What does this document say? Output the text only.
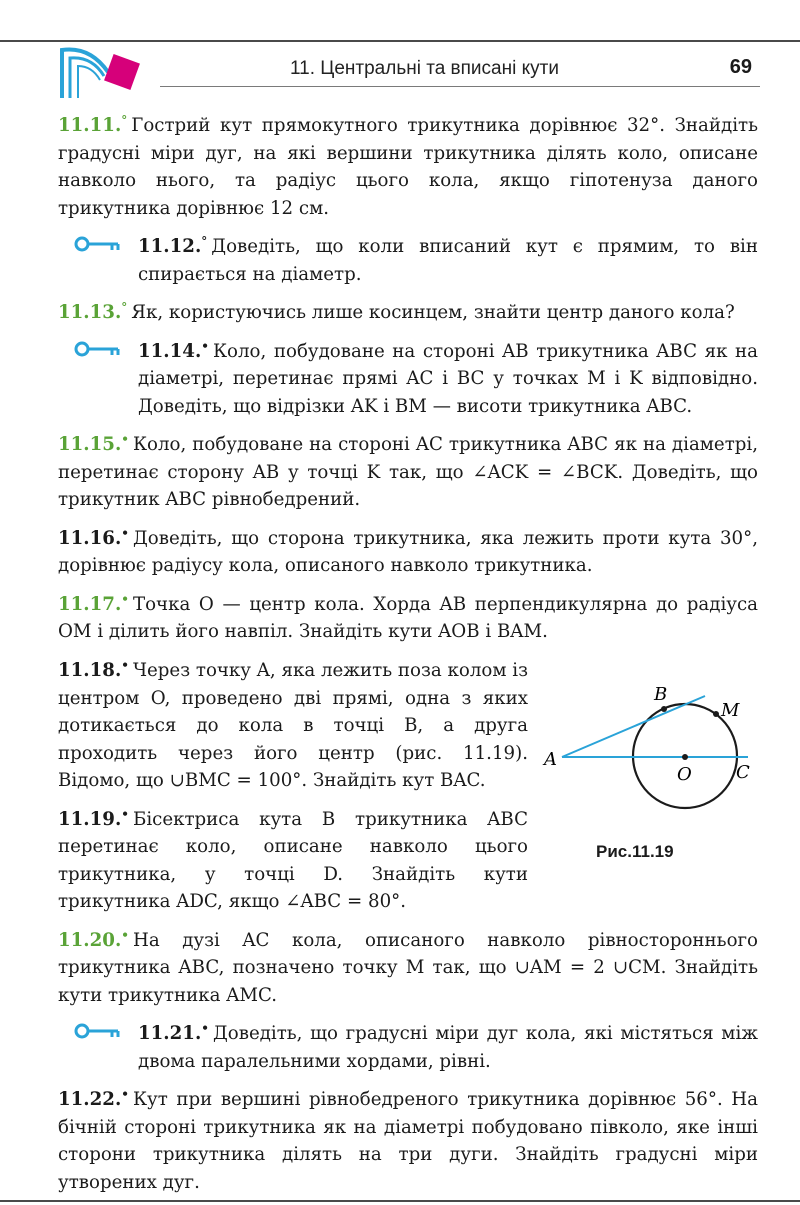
11. Центральні та вписані кути	69

11.11.° Гострий кут прямокутного трикутника дорівнює 32°. Знайдіть градусні міри дуг, на які вершини трикутника ділять коло, описане навколо нього, та радіус цього кола, якщо гіпотенуза даного трикутника дорівнює 12 см.

11.12.° Доведіть, що коли вписаний кут є прямим, то він спирається на діаметр.

11.13.° Як, користуючись лише косинцем, знайти центр даного кола?

11.14.• Коло, побудоване на стороні AB трикутника ABC як на діаметрі, перетинає прямі AC і BC у точках M і K відповідно. Доведіть, що відрізки AK і BM — висоти трикутника ABC.

11.15.• Коло, побудоване на стороні AC трикутника ABC як на діаметрі, перетинає сторону AB у точці K так, що ∠ACK = ∠BCK. Доведіть, що трикутник ABC рівнобедрений.

11.16.• Доведіть, що сторона трикутника, яка лежить проти кута 30°, дорівнює радіусу кола, описаного навколо трикутника.

11.17.• Точка O — центр кола. Хорда AB перпендикулярна до радіуса OM і ділить його навпіл. Знайдіть кути AOB і BAM.

11.18.• Через точку A, яка лежить поза колом із центром O, проведено дві прямі, одна з яких дотикається до кола в точці B, а друга проходить через його центр (рис. 11.19). Відомо, що ∪BMC = 100°. Знайдіть кут BAC.

11.19.• Бісектриса кута B трикутника ABC перетинає коло, описане навколо цього трикутника, у точці D. Знайдіть кути трикутника ADC, якщо ∠ABC = 80°.

11.20.• На дузі AC кола, описаного навколо рівностороннього трикутника ABC, позначено точку M так, що ∪AM = 2 ∪CM. Знайдіть кути трикутника AMC.

11.21.• Доведіть, що градусні міри дуг кола, які містяться між двома паралельними хордами, рівні.

11.22.• Кут при вершині рівнобедреного трикутника дорівнює 56°. На бічній стороні трикутника як на діаметрі побудовано півколо, яке інші сторони трикутника ділять на три дуги. Знайдіть градусні міри утворених дуг.

A
B
M
O C
Рис.11.19
